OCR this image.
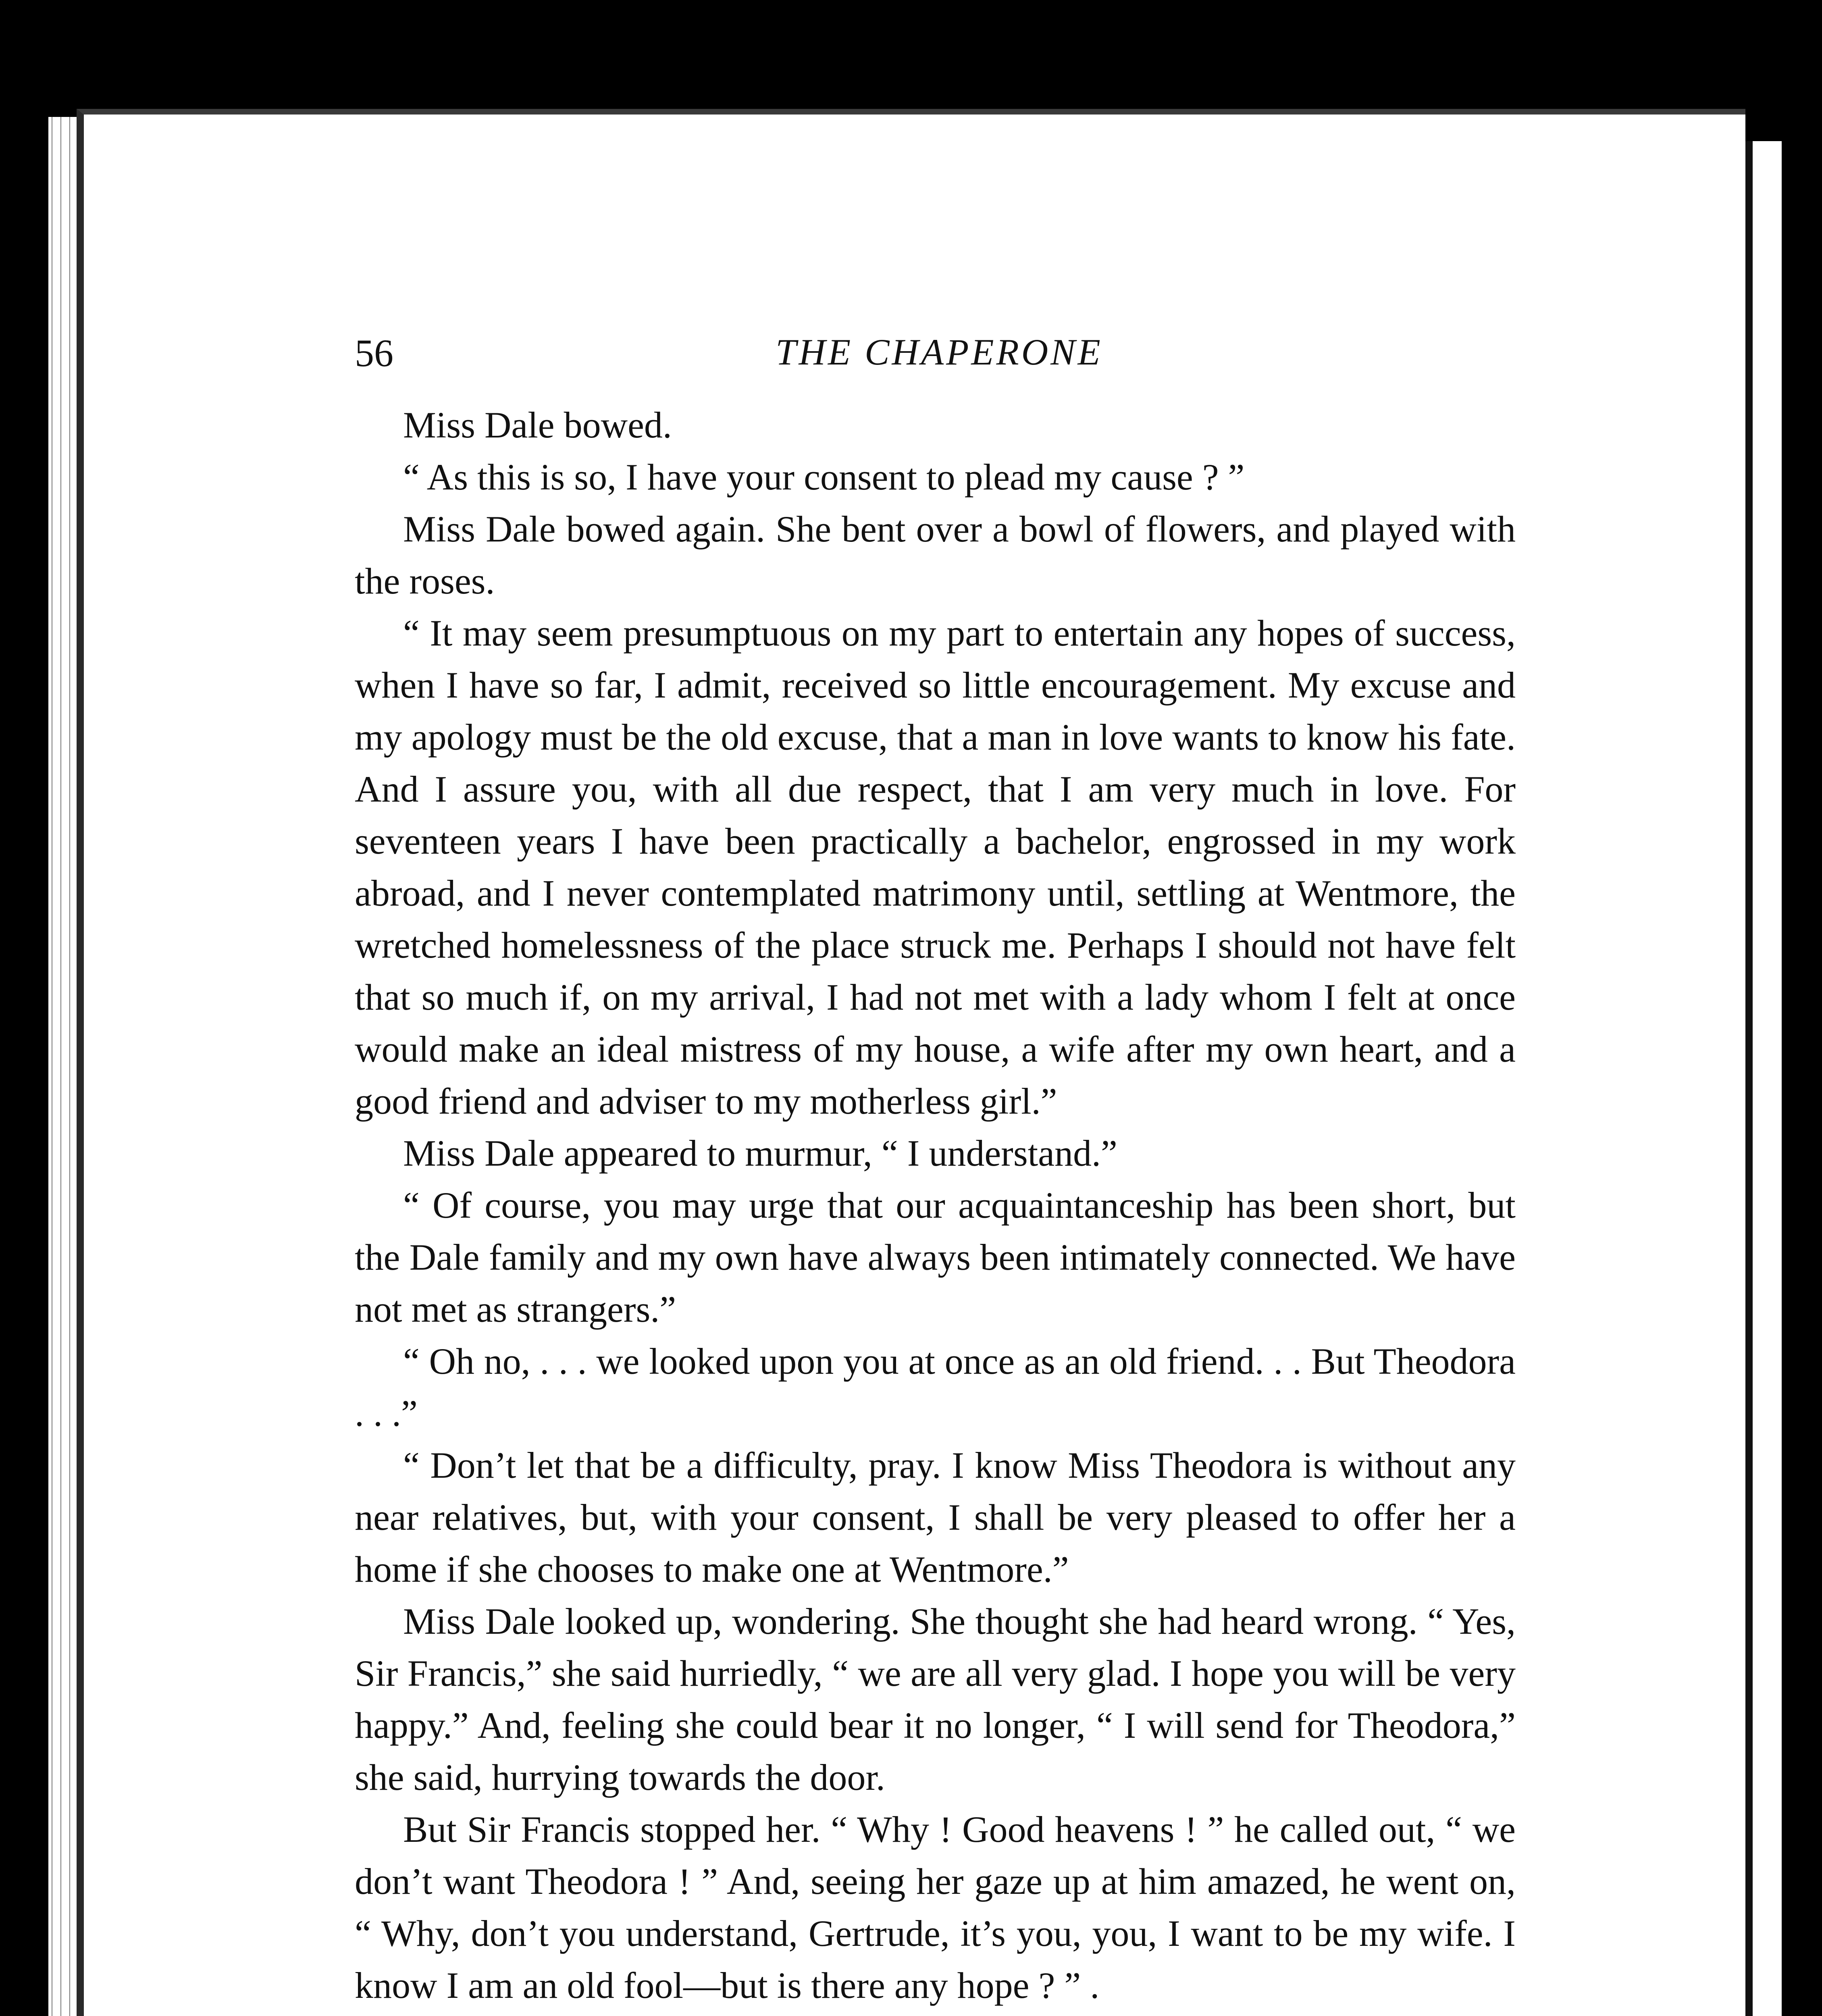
56	THE CHAPERONE

Miss Dale bowed.

“ As this is so, I have your consent to plead my cause ? ”

Miss Dale bowed again. She bent over a bowl of flowers, and played with the roses.

“ It may seem presumptuous on my part to entertain any hopes of success, when I have so far, I admit, received so little encouragement. My excuse and my apology must be the old excuse, that a man in love wants to know his fate. And I assure you, with all due respect, that I am very much in love. For seventeen years I have been practically a bachelor, engrossed in my work abroad, and I never contemplated matrimony until, settling at Wentmore, the wretched homelessness of the place struck me. Perhaps I should not have felt that so much if, on my arrival, I had not met with a lady whom I felt at once would make an ideal mistress of my house, a wife after my own heart, and a good friend and adviser to my motherless girl.”

Miss Dale appeared to murmur, “ I understand.”

“ Of course, you may urge that our acquaintanceship has been short, but the Dale family and my own have always been intimately connected. We have not met as strangers.”

“ Oh no, . . . we looked upon you at once as an old friend. . . But Theodora . . .”

“ Don’t let that be a difficulty, pray. I know Miss Theodora is without any near relatives, but, with your consent, I shall be very pleased to offer her a home if she chooses to make one at Wentmore.”

Miss Dale looked up, wondering. She thought she had heard wrong. “ Yes, Sir Francis,” she said hurriedly, “ we are all very glad. I hope you will be very happy.” And, feeling she could bear it no longer, “ I will send for Theodora,” she said, hurrying towards the door.

But Sir Francis stopped her. “ Why ! Good heavens ! ” he called out, “ we don’t want Theodora ! ” And, seeing her gaze up at him amazed, he went on, “ Why, don’t you understand, Gertrude, it’s you, you, I want to be my wife. I know I am an old fool—but is there any hope ? ” .
